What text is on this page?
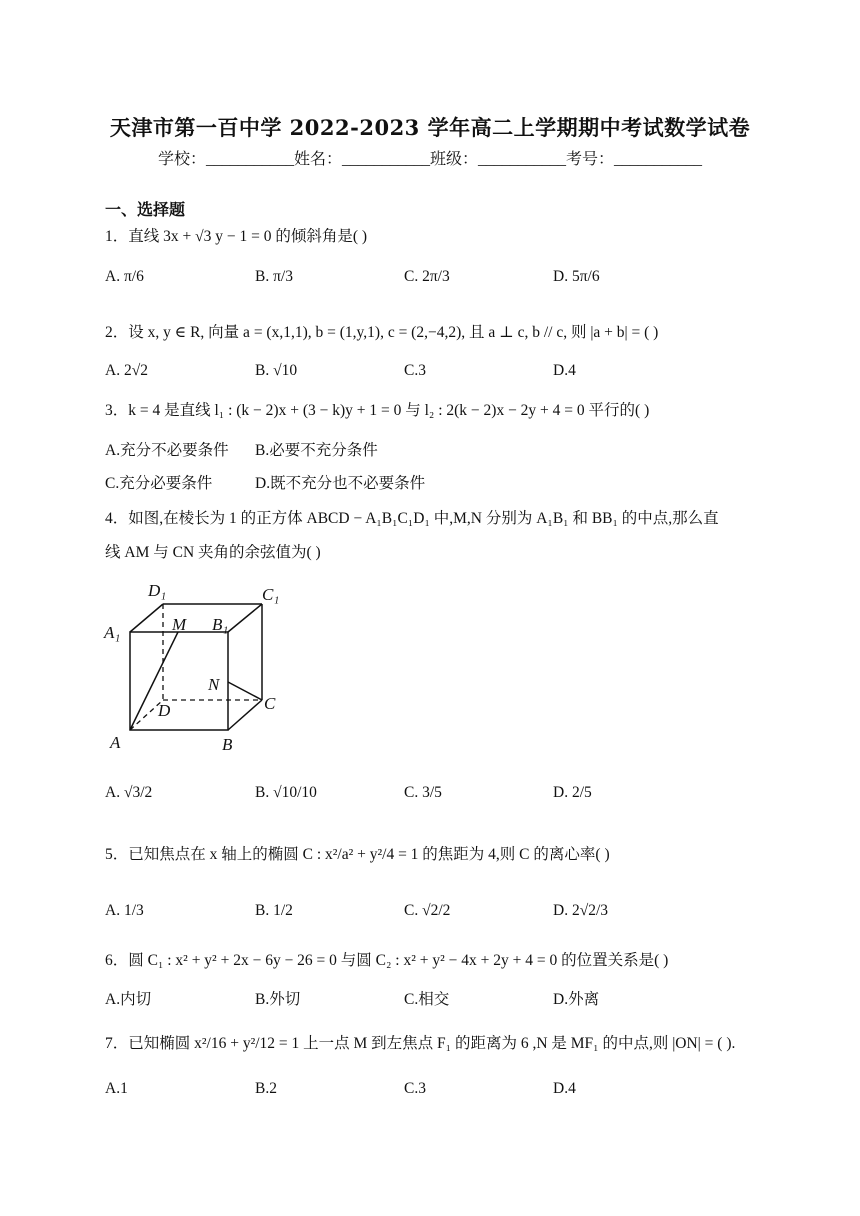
天津市第一百中学 2022-2023 学年高二上学期期中考试数学试卷
学校：___________姓名：___________班级：___________考号：___________
一、选择题
1．直线 3x + √3 y − 1 = 0 的倾斜角是( )
A. π/6	B. π/3	C. 2π/3	D. 5π/6
2．设 x, y ∈ R, 向量 a = (x,1,1), b = (1,y,1), c = (2,−4,2), 且 a ⊥ c, b // c, 则 |a + b| = ( )
A. 2√2	B. √10	C.3	D.4
3．k = 4 是直线 l₁ : (k − 2)x + (3 − k)y + 1 = 0 与 l₂ : 2(k − 2)x − 2y + 4 = 0 平行的( )
A.充分不必要条件 B.必要不充分条件
C.充分必要条件	D.既不充分也不必要条件
4．如图,在棱长为 1 的正方体 ABCD − A₁B₁C₁D₁ 中,M,N 分别为 A₁B₁ 和 BB₁ 的中点,那么直
线 AM 与 CN 夹角的余弦值为( )
D₁	C₁
A₁	M B₁
N
D	C
A	B
A. √3/2	B. √10/10	C. 3/5	D. 2/5
5．已知焦点在 x 轴上的椭圆 C : x²/a² + y²/4 = 1 的焦距为 4,则 C 的离心率( )
A. 1/3	B. 1/2	C. √2/2	D. 2√2/3
6．圆 C₁ : x² + y² + 2x − 6y − 26 = 0 与圆 C₂ : x² + y² − 4x + 2y + 4 = 0 的位置关系是( )
A.内切	B.外切	C.相交	D.外离
7．已知椭圆 x²/16 + y²/12 = 1 上一点 M 到左焦点 F₁ 的距离为 6 ,N 是 MF₁ 的中点,则 |ON| = ( ).
A.1	B.2	C.3	D.4
